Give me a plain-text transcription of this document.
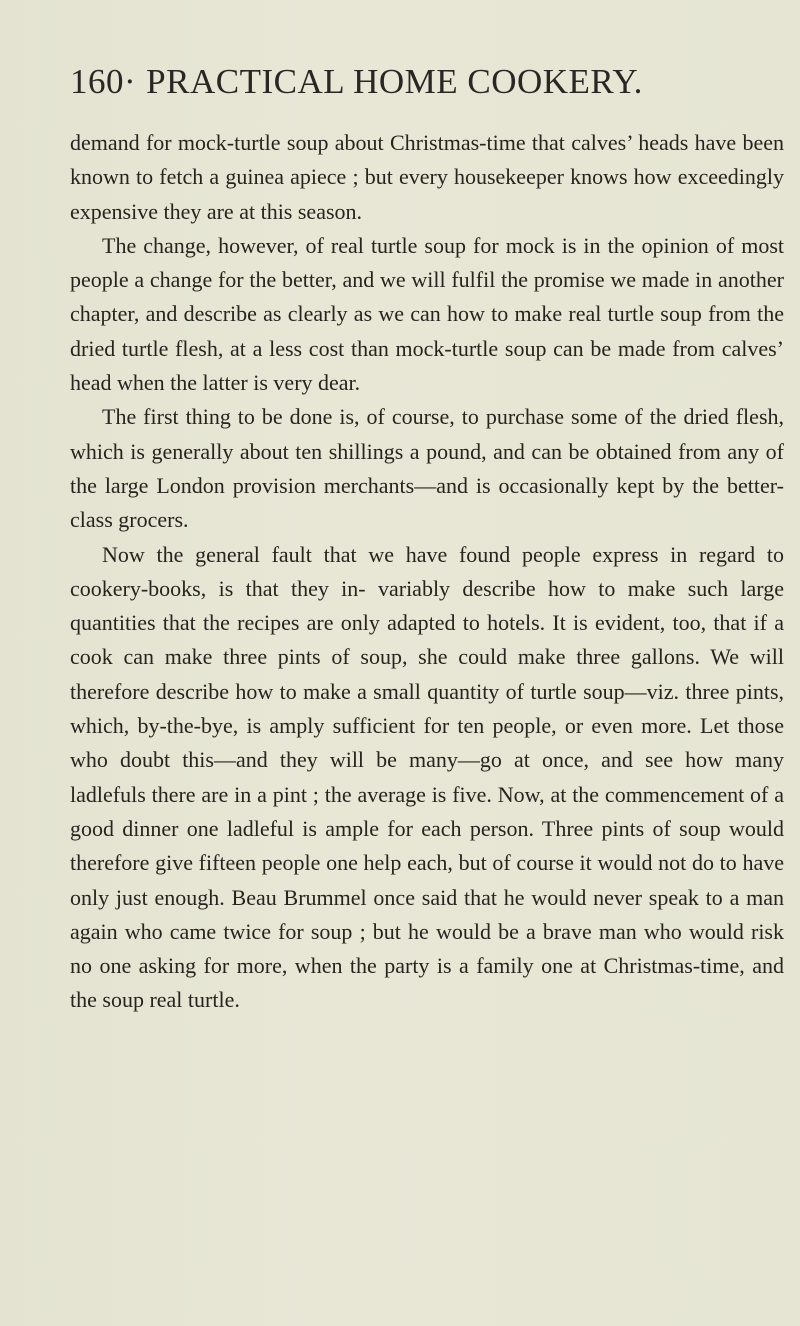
160· PRACTICAL HOME COOKERY.

demand for mock-turtle soup about Christmas-time that calves’ heads have been known to fetch a guinea apiece ; but every housekeeper knows how exceedingly expensive they are at this season.

The change, however, of real turtle soup for mock is in the opinion of most people a change for the better, and we will fulfil the promise we made in another chapter, and describe as clearly as we can how to make real turtle soup from the dried turtle flesh, at a less cost than mock-turtle soup can be made from calves’ head when the latter is very dear.

The first thing to be done is, of course, to purchase some of the dried flesh, which is generally about ten shillings a pound, and can be obtained from any of the large London provision merchants—and is occasionally kept by the better-class grocers.

Now the general fault that we have found people express in regard to cookery-books, is that they in- variably describe how to make such large quantities that the recipes are only adapted to hotels. It is evident, too, that if a cook can make three pints of soup, she could make three gallons. We will therefore describe how to make a small quantity of turtle soup—viz. three pints, which, by-the-bye, is amply sufficient for ten people, or even more. Let those who doubt this—and they will be many—go at once, and see how many ladlefuls there are in a pint ; the average is five. Now, at the commencement of a good dinner one ladleful is ample for each person. Three pints of soup would therefore give fifteen people one help each, but of course it would not do to have only just enough. Beau Brummel once said that he would never speak to a man again who came twice for soup ; but he would be a brave man who would risk no one asking for more, when the party is a family one at Christmas-time, and the soup real turtle.
